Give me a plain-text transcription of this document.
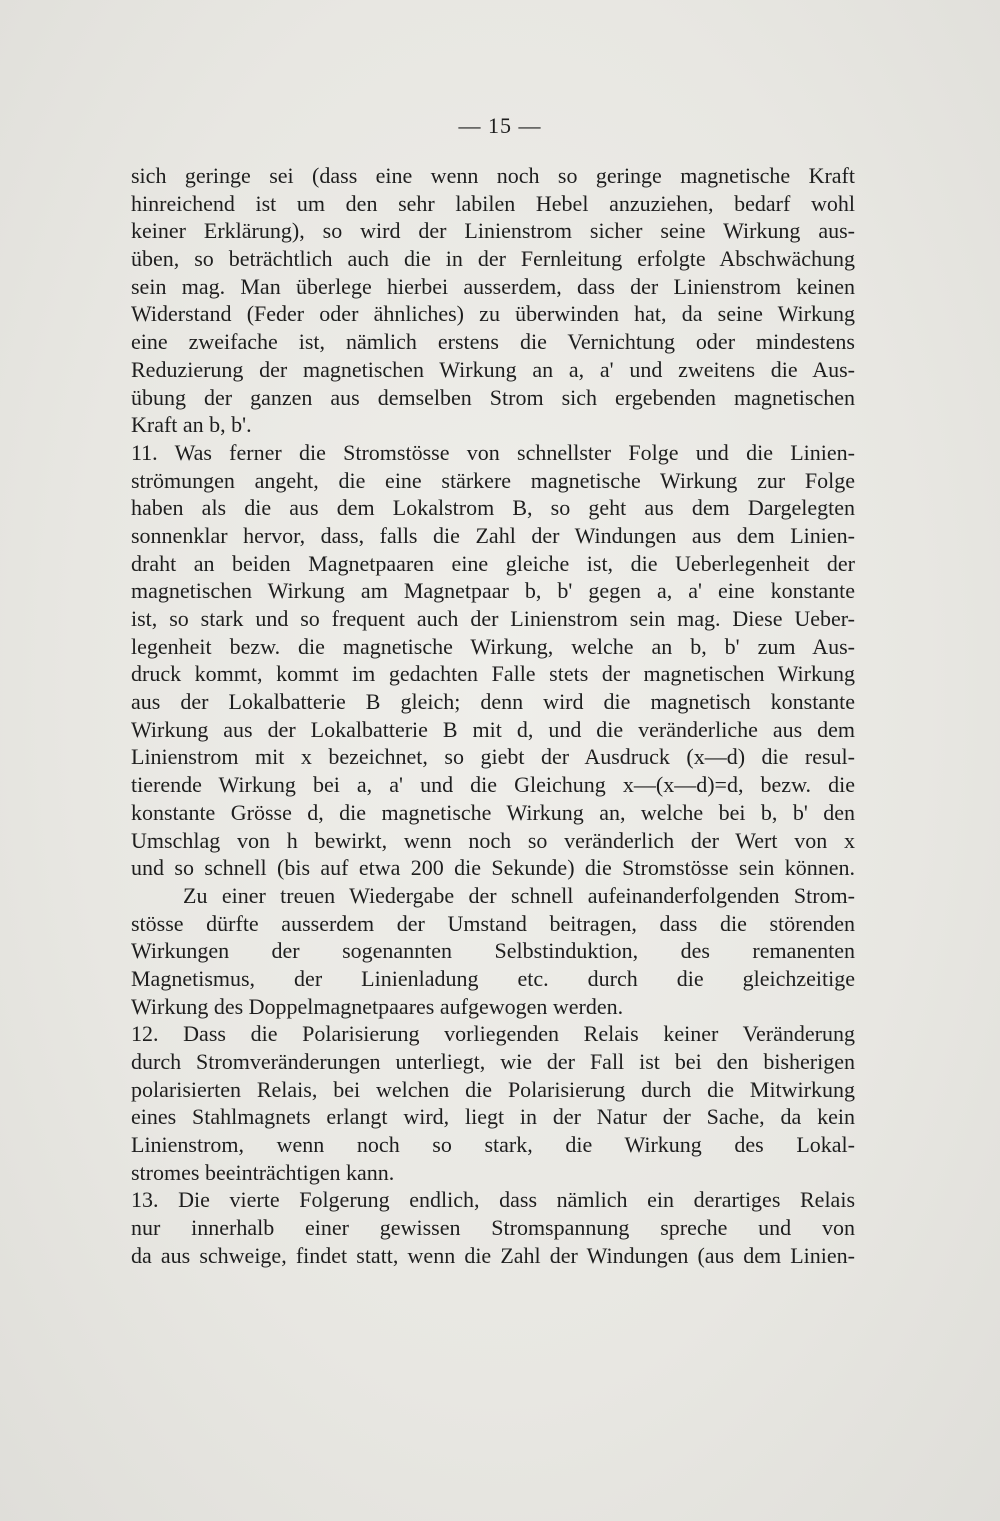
— 15 —
sich geringe sei (dass eine wenn noch so geringe magnetische Kraft
hinreichend ist um den sehr labilen Hebel anzuziehen, bedarf wohl
keiner Erklärung), so wird der Linienstrom sicher seine Wirkung aus-
üben, so beträchtlich auch die in der Fernleitung erfolgte Abschwächung
sein mag. Man überlege hierbei ausserdem, dass der Linienstrom keinen
Widerstand (Feder oder ähnliches) zu überwinden hat, da seine Wirkung
eine zweifache ist, nämlich erstens die Vernichtung oder mindestens
Reduzierung der magnetischen Wirkung an a, a' und zweitens die Aus-
übung der ganzen aus demselben Strom sich ergebenden magnetischen
Kraft an b, b'.
11. Was ferner die Stromstösse von schnellster Folge und die Linien-
strömungen angeht, die eine stärkere magnetische Wirkung zur Folge
haben als die aus dem Lokalstrom B, so geht aus dem Dargelegten
sonnenklar hervor, dass, falls die Zahl der Windungen aus dem Linien-
draht an beiden Magnetpaaren eine gleiche ist, die Ueberlegenheit der
magnetischen Wirkung am Magnetpaar b, b' gegen a, a' eine konstante
ist, so stark und so frequent auch der Linienstrom sein mag. Diese Ueber-
legenheit bezw. die magnetische Wirkung, welche an b, b' zum Aus-
druck kommt, kommt im gedachten Falle stets der magnetischen Wirkung
aus der Lokalbatterie B gleich; denn wird die magnetisch konstante
Wirkung aus der Lokalbatterie B mit d, und die veränderliche aus dem
Linienstrom mit x bezeichnet, so giebt der Ausdruck (x—d) die resul-
tierende Wirkung bei a, a' und die Gleichung x—(x—d)=d, bezw. die
konstante Grösse d, die magnetische Wirkung an, welche bei b, b' den
Umschlag von h bewirkt, wenn noch so veränderlich der Wert von x
und so schnell (bis auf etwa 200 die Sekunde) die Stromstösse sein können.
Zu einer treuen Wiedergabe der schnell aufeinanderfolgenden Strom-
stösse dürfte ausserdem der Umstand beitragen, dass die störenden
Wirkungen der sogenannten Selbstinduktion, des remanenten
Magnetismus, der Linienladung etc. durch die gleichzeitige
Wirkung des Doppelmagnetpaares aufgewogen werden.
12. Dass die Polarisierung vorliegenden Relais keiner Veränderung
durch Stromveränderungen unterliegt, wie der Fall ist bei den bisherigen
polarisierten Relais, bei welchen die Polarisierung durch die Mitwirkung
eines Stahlmagnets erlangt wird, liegt in der Natur der Sache, da kein
Linienstrom, wenn noch so stark, die Wirkung des Lokal-
stromes beeinträchtigen kann.
13. Die vierte Folgerung endlich, dass nämlich ein derartiges Relais
nur innerhalb einer gewissen Stromspannung spreche und von
da aus schweige, findet statt, wenn die Zahl der Windungen (aus dem Linien-
